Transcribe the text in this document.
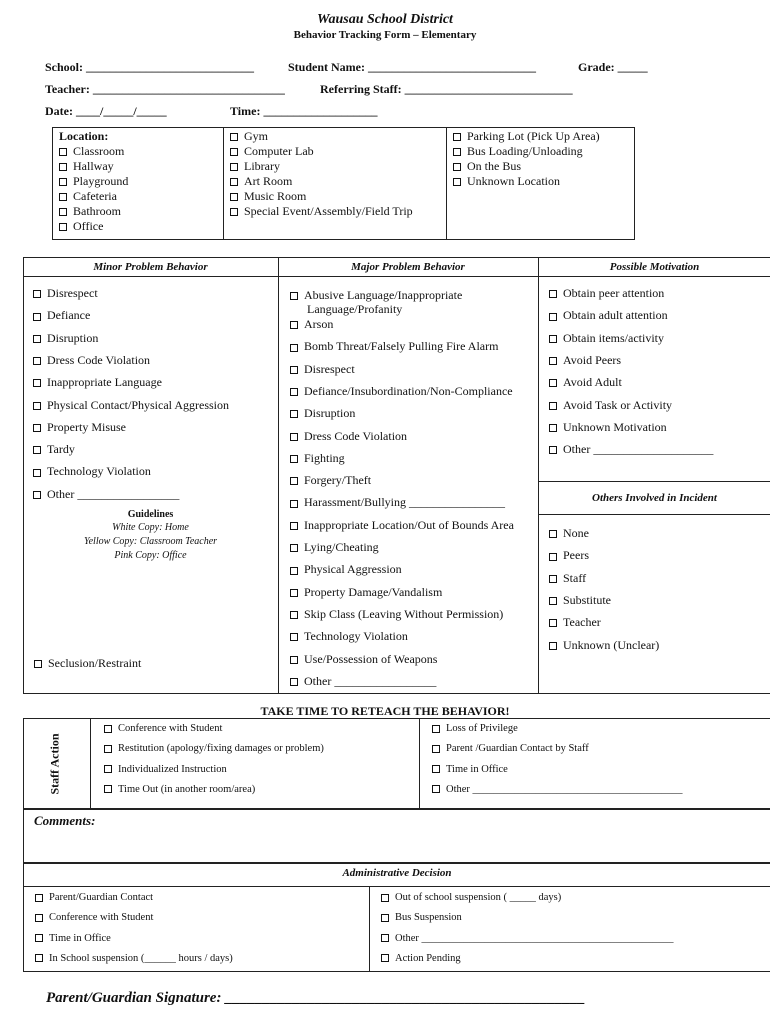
Wausau School District
Behavior Tracking Form – Elementary
School: ____________________________	Student Name: ____________________________	Grade: _____
Teacher: ________________________________	Referring Staff: ____________________________
Date: ____/_____/_____	Time: ___________________
Location:
Classroom
Hallway
Playground
Cafeteria
Bathroom
Office
Gym
Computer Lab
Library
Art Room
Music Room
Special Event/Assembly/Field Trip
Parking Lot (Pick Up Area)
Bus Loading/Unloading
On the Bus
Unknown Location
Minor Problem Behavior	Major Problem Behavior	Possible Motivation
Others Involved in Incident
Disrespect
Defiance
Disruption
Dress Code Violation
Inappropriate Language
Physical Contact/Physical Aggression
Property Misuse
Tardy
Technology Violation
Other _________________
Abusive Language/Inappropriate
Language/Profanity
Arson
Bomb Threat/Falsely Pulling Fire Alarm
Disrespect
Defiance/Insubordination/Non-Compliance
Disruption
Dress Code Violation
Fighting
Forgery/Theft
Harassment/Bullying ________________
Inappropriate Location/Out of Bounds Area
Lying/Cheating
Physical Aggression
Property Damage/Vandalism
Skip Class (Leaving Without Permission)
Technology Violation
Use/Possession of Weapons
Other _________________
Obtain peer attention
Obtain adult attention
Obtain items/activity
Avoid Peers
Avoid Adult
Avoid Task or Activity
Unknown Motivation
Other ____________________
None
Peers
Staff
Substitute
Teacher
Unknown (Unclear)
Guidelines
White Copy: Home
Yellow Copy: Classroom Teacher
Pink Copy: Office
Seclusion/Restraint
TAKE TIME TO RETEACH THE BEHAVIOR!
Staff Action
Conference with Student
Restitution (apology/fixing damages or problem)
Individualized Instruction
Time Out (in another room/area)
Loss of Privilege
Parent /Guardian Contact by Staff
Time in Office
Other ________________________________________
Comments:
Administrative Decision
Parent/Guardian Contact
Conference with Student
Time in Office
In School suspension (______ hours / days)
Out of school suspension ( _____ days)
Bus Suspension
Other ________________________________________________
Action Pending
Parent/Guardian Signature: ________________________________________________
